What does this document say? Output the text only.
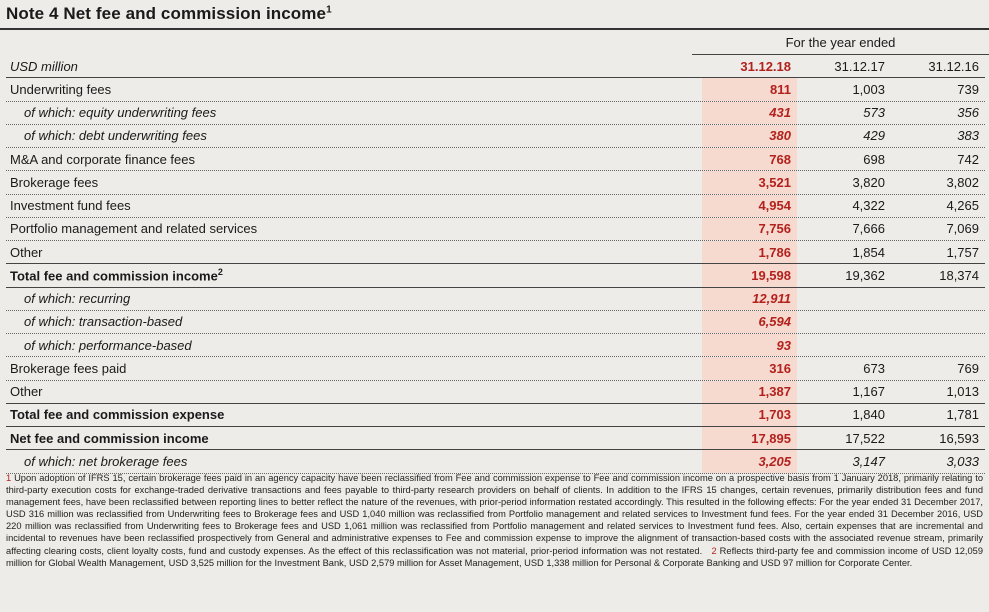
Note 4 Net fee and commission income$^1$
For the year ended
USD million	31.12.18	31.12.17	31.12.16
Underwriting fees	811	1,003	739
of which: equity underwriting fees	431	573	356
of which: debt underwriting fees	380	429	383
M&A and corporate finance fees	768	698	742
Brokerage fees	3,521	3,820	3,802
Investment fund fees	4,954	4,322	4,265
Portfolio management and related services	7,756	7,666	7,069
Other	1,786	1,854	1,757
Total fee and commission income$^2$	19,598	19,362	18,374
of which: recurring	12,911
of which: transaction-based	6,594
of which: performance-based	93
Brokerage fees paid	316	673	769
Other	1,387	1,167	1,013
Total fee and commission expense	1,703	1,840	1,781
Net fee and commission income	17,895	17,522	16,593
of which: net brokerage fees	3,205	3,147	3,033

1 Upon adoption of IFRS 15, certain brokerage fees paid in an agency capacity have been reclassified from Fee and commission expense to Fee and commission income on a prospective basis from 1 January 2018, primarily relating to third-party execution costs for exchange-traded derivative transactions and fees payable to third-party research providers on behalf of clients. In addition to the IFRS 15 changes, certain revenues, primarily distribution fees and fund management fees, have been reclassified between reporting lines to better reflect the nature of the revenues, with prior-period information restated accordingly. This resulted in the following effects: For the year ended 31 December 2017, USD 316 million was reclassified from Underwriting fees to Brokerage fees and USD 1,040 million was reclassified from Portfolio management and related services to Investment fund fees. For the year ended 31 December 2016, USD 220 million was reclassified from Underwriting fees to Brokerage fees and USD 1,061 million was reclassified from Portfolio management and related services to Investment fund fees. Also, certain expenses that are incremental and incidental to revenues have been reclassified prospectively from General and administrative expenses to Fee and commission expense to improve the alignment of transaction-based costs with the associated revenue stream, primarily affecting clearing costs, client loyalty costs, fund and custody expenses. As the effect of this reclassification was not material, prior-period information was not restated. 2 Reflects third-party fee and commission income of USD 12,059 million for Global Wealth Management, USD 3,525 million for the Investment Bank, USD 2,579 million for Asset Management, USD 1,338 million for Personal & Corporate Banking and USD 97 million for Corporate Center.
